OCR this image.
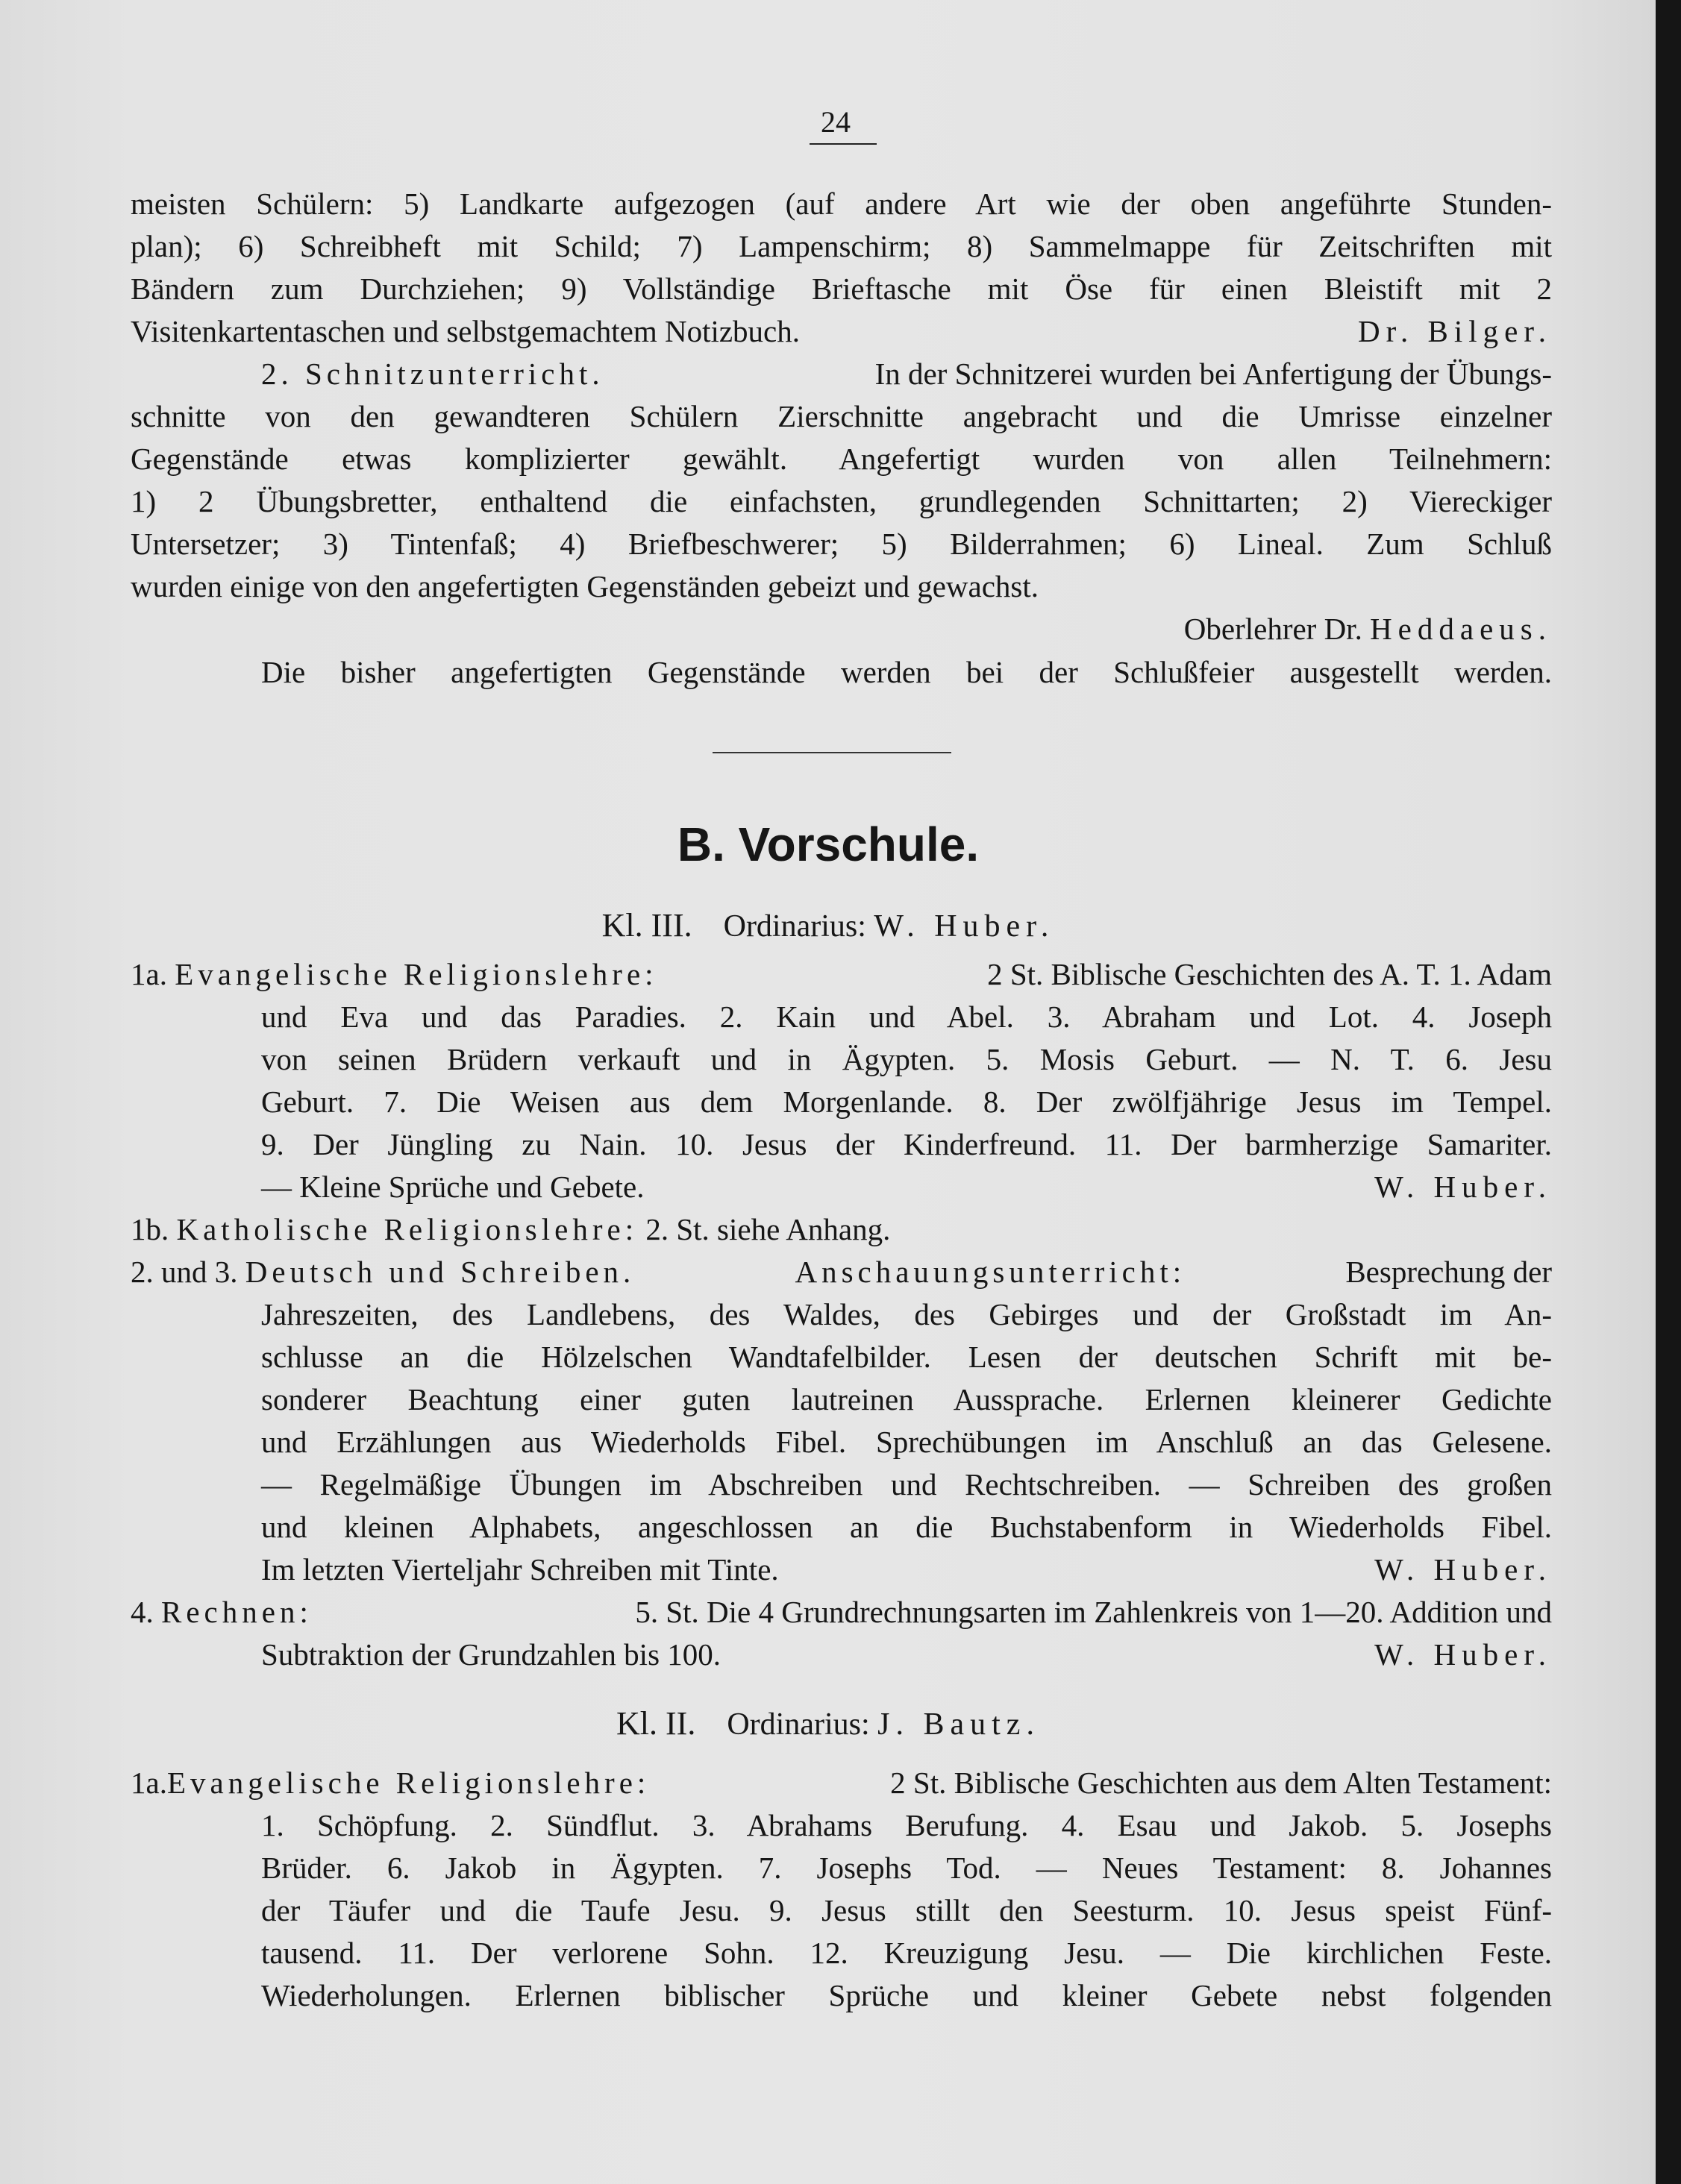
24
meisten Schülern: 5) Landkarte aufgezogen (auf andere Art wie der oben angeführte Stunden-
plan); 6) Schreibheft mit Schild; 7) Lampenschirm; 8) Sammelmappe für Zeitschriften mit
Bändern zum Durchziehen; 9) Vollständige Brieftasche mit Öse für einen Bleistift mit 2
Visitenkartentaschen und selbstgemachtem Notizbuch.	Dr. Bilger.
2. Schnitzunterricht.	In der Schnitzerei wurden bei Anfertigung der Übungs-
schnitte von den gewandteren Schülern Zierschnitte angebracht und die Umrisse einzelner
Gegenstände etwas komplizierter gewählt. Angefertigt wurden von allen Teilnehmern:
1) 2 Übungsbretter, enthaltend die einfachsten, grundlegenden Schnittarten; 2) Viereckiger
Untersetzer; 3) Tintenfaß; 4) Briefbeschwerer; 5) Bilderrahmen; 6) Lineal. Zum Schluß
wurden einige von den angefertigten Gegenständen gebeizt und gewachst.
Oberlehrer Dr. Heddaeus.
Die bisher angefertigten Gegenstände werden bei der Schlußfeier ausgestellt werden.
B. Vorschule.
Kl. III. Ordinarius: W. Huber.
1a. Evangelische Religionslehre:	2 St. Biblische Geschichten des A. T. 1. Adam
und Eva und das Paradies. 2. Kain und Abel. 3. Abraham und Lot. 4. Joseph
von seinen Brüdern verkauft und in Ägypten. 5. Mosis Geburt. — N. T. 6. Jesu
Geburt. 7. Die Weisen aus dem Morgenlande. 8. Der zwölfjährige Jesus im Tempel.
9. Der Jüngling zu Nain. 10. Jesus der Kinderfreund. 11. Der barmherzige Samariter.
— Kleine Sprüche und Gebete.	W. Huber.
1b. Katholische Religionslehre: 2. St. siehe Anhang.
2. und 3. Deutsch und Schreiben.	Anschauungsunterricht:	Besprechung der
Jahreszeiten, des Landlebens, des Waldes, des Gebirges und der Großstadt im An-
schlusse an die Hölzelschen Wandtafelbilder. Lesen der deutschen Schrift mit be-
sonderer Beachtung einer guten lautreinen Aussprache. Erlernen kleinerer Gedichte
und Erzählungen aus Wiederholds Fibel. Sprechübungen im Anschluß an das Gelesene.
— Regelmäßige Übungen im Abschreiben und Rechtschreiben. — Schreiben des großen
und kleinen Alphabets, angeschlossen an die Buchstabenform in Wiederholds Fibel.
Im letzten Vierteljahr Schreiben mit Tinte.	W. Huber.
4. Rechnen:	5. St. Die 4 Grundrechnungsarten im Zahlenkreis von 1—20. Addition und
Subtraktion der Grundzahlen bis 100.	W. Huber.
Kl. II. Ordinarius: J. Bautz.
1a.Evangelische Religionslehre:	2 St. Biblische Geschichten aus dem Alten Testament:
1. Schöpfung. 2. Sündflut. 3. Abrahams Berufung. 4. Esau und Jakob. 5. Josephs
Brüder. 6. Jakob in Ägypten. 7. Josephs Tod. — Neues Testament: 8. Johannes
der Täufer und die Taufe Jesu. 9. Jesus stillt den Seesturm. 10. Jesus speist Fünf-
tausend. 11. Der verlorene Sohn. 12. Kreuzigung Jesu. — Die kirchlichen Feste.
Wiederholungen. Erlernen biblischer Sprüche und kleiner Gebete nebst folgenden
